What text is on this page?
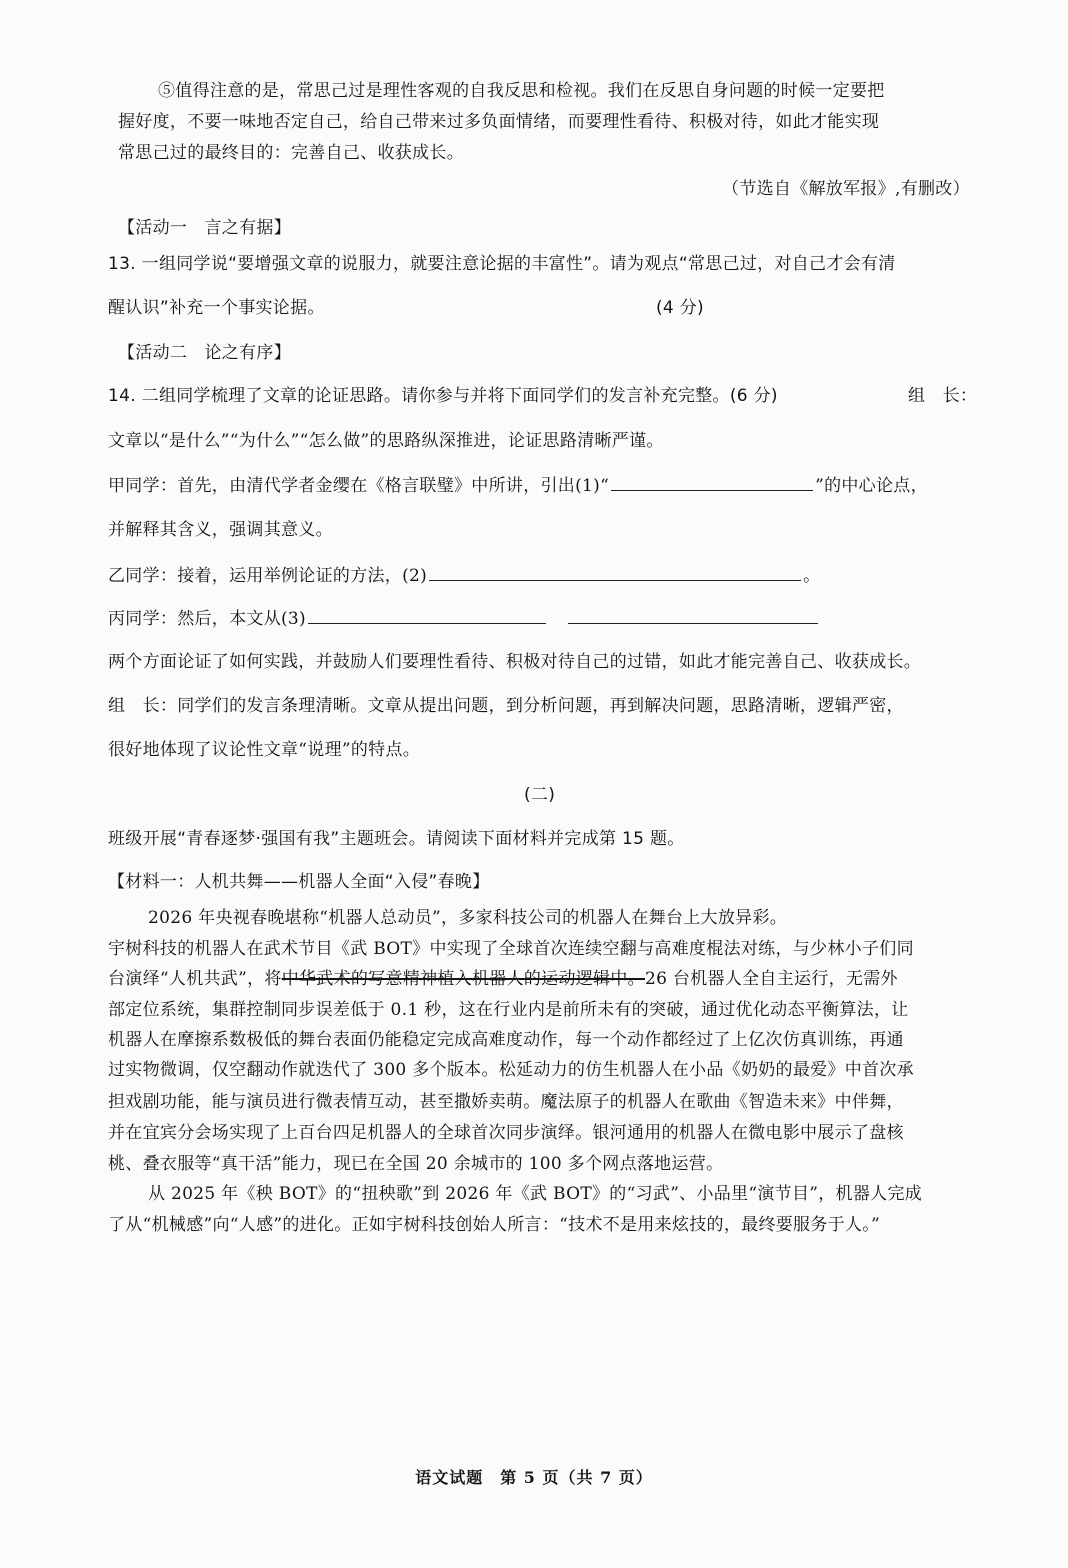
⑤值得注意的是，常思己过是理性客观的自我反思和检视。我们在反思自身问题的时候一定要把
握好度，不要一味地否定自己，给自己带来过多负面情绪，而要理性看待、积极对待，如此才能实现
常思己过的最终目的：完善自己、收获成长。
（节选自《解放军报》,有删改）
【活动一　言之有据】
13. 一组同学说“要增强文章的说服力，就要注意论据的丰富性”。请为观点“常思己过，对自己才会有清
醒认识”补充一个事实论据。	(4 分)
【活动二　论之有序】
14. 二组同学梳理了文章的论证思路。请你参与并将下面同学们的发言补充完整。(6 分)	组　长：
文章以“是什么”“为什么”“怎么做”的思路纵深推进，论证思路清晰严谨。
甲同学：首先，由清代学者金缨在《格言联璧》中所讲，引出(1)“	”的中心论点，
并解释其含义，强调其意义。
乙同学：接着，运用举例论证的方法，(2)	。
丙同学：然后，本文从(3)
两个方面论证了如何实践，并鼓励人们要理性看待、积极对待自己的过错，如此才能完善自己、收获成长。
组　长：同学们的发言条理清晰。文章从提出问题，到分析问题，再到解决问题，思路清晰，逻辑严密，
很好地体现了议论性文章“说理”的特点。
(二)
班级开展“青春逐梦·强国有我”主题班会。请阅读下面材料并完成第 15 题。
【材料一：人机共舞——机器人全面“入侵”春晚】
2026 年央视春晚堪称“机器人总动员”，多家科技公司的机器人在舞台上大放异彩。
宇树科技的机器人在武术节目《武 BOT》中实现了全球首次连续空翻与高难度棍法对练，与少林小子们同
台演绎“人机共武”，将中华武术的写意精神植入机器人的运动逻辑中。26 台机器人全自主运行，无需外
部定位系统，集群控制同步误差低于 0.1 秒，这在行业内是前所未有的突破，通过优化动态平衡算法，让
机器人在摩擦系数极低的舞台表面仍能稳定完成高难度动作，每一个动作都经过了上亿次仿真训练，再通
过实物微调，仅空翻动作就迭代了 300 多个版本。松延动力的仿生机器人在小品《奶奶的最爱》中首次承
担戏剧功能，能与演员进行微表情互动，甚至撒娇卖萌。魔法原子的机器人在歌曲《智造未来》中伴舞，
并在宜宾分会场实现了上百台四足机器人的全球首次同步演绎。银河通用的机器人在微电影中展示了盘核
桃、叠衣服等“真干活”能力，现已在全国 20 余城市的 100 多个网点落地运营。
从 2025 年《秧 BOT》的“扭秧歌”到 2026 年《武 BOT》的“习武”、小品里“演节目”，机器人完成
了从“机械感”向“人感”的进化。正如宇树科技创始人所言：“技术不是用来炫技的，最终要服务于人。”
语文试题　第 5 页（共 7 页）
